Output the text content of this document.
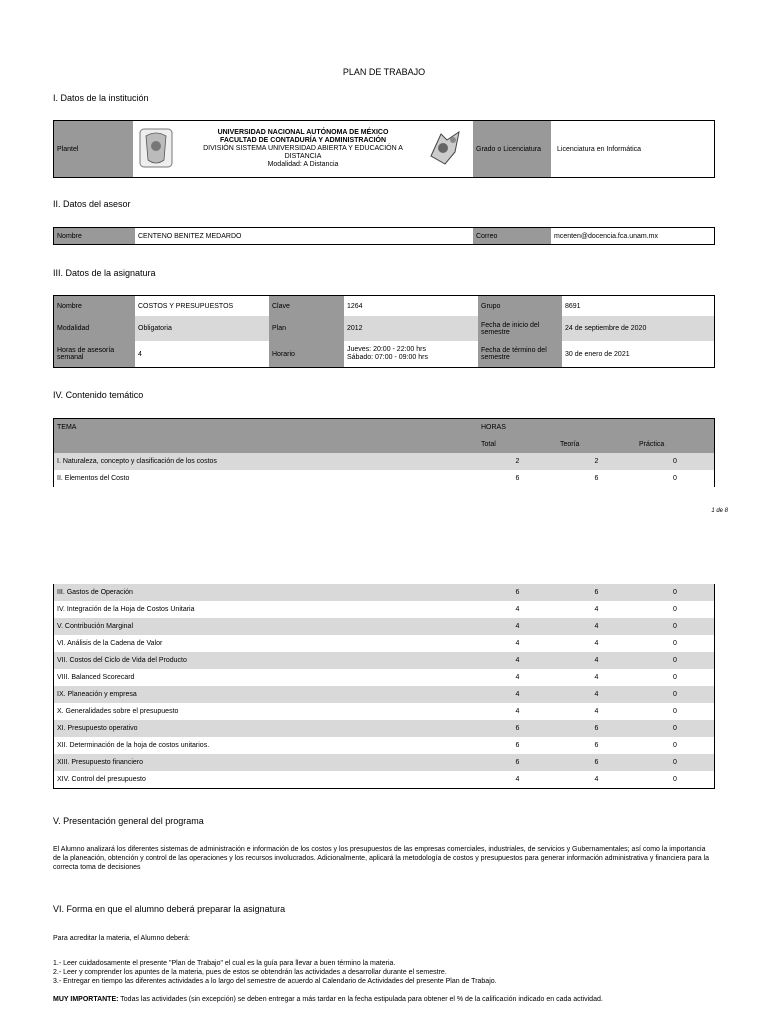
PLAN DE TRABAJO
I. Datos de la institución
Plantel		
UNIVERSIDAD NACIONAL AUTÓNOMA DE MÉXICO
FACULTAD DE CONTADURÍA Y ADMINISTRACIÓN
DIVISIÓN SISTEMA UNIVERSIDAD ABIERTA Y EDUCACIÓN A DISTANCIA
Modalidad: A Distancia
		Grado o Licenciatura	Licenciatura en Informática
II. Datos del asesor
Nombre	CENTENO BENITEZ MEDARDO	Correo	mcenten@docencia.fca.unam.mx
III. Datos de la asignatura
Nombre	COSTOS Y PRESUPUESTOS	Clave	1264	Grupo	8691
Modalidad	Obligatoria	Plan	2012	Fecha de inicio del semestre	24 de septiembre de 2020
Horas de asesoría semanal	4	Horario	Jueves: 20:00 - 22:00 hrs
Sábado: 07:00 - 09:00 hrs	Fecha de término del semestre	30 de enero de 2021
IV. Contenido temático
TEMA	HORAS		
	Total	Teoría	Práctica
I. Naturaleza, concepto y clasificación de los costos	2	2	0
II. Elementos del Costo	6	6	0
1 de 8
III. Gastos de Operación	6	6	0
IV. Integración de la Hoja de Costos Unitaria	4	4	0
V. Contribución Marginal	4	4	0
VI. Análisis de la Cadena de Valor	4	4	0
VII. Costos del Ciclo de Vida del Producto	4	4	0
VIII. Balanced Scorecard	4	4	0
IX. Planeación y empresa	4	4	0
X. Generalidades sobre el presupuesto	4	4	0
XI. Presupuesto operativo	6	6	0
XII. Determinación de la hoja de costos unitarios.	6	6	0
XIII. Presupuesto financiero	6	6	0
XIV. Control del presupuesto	4	4	0
V. Presentación general del programa
El Alumno analizará los diferentes sistemas de administración e información de los costos y los presupuestos de las empresas comerciales, industriales, de servicios y Gubernamentales; así como la importancia de la planeación, obtención y control de las operaciones y los recursos involucrados. Adicionalmente, aplicará la metodología de costos y presupuestos para generar información administrativa y financiera para la correcta toma de decisiones
VI. Forma en que el alumno deberá preparar la asignatura
Para acreditar la materia, el Alumno deberá:
1.- Leer cuidadosamente el presente "Plan de Trabajo" el cual es la guía para llevar a buen término la materia.
2.- Leer y comprender los apuntes de la materia, pues de estos se obtendrán las actividades a desarrollar durante el semestre.
3.- Entregar en tiempo las diferentes actividades a lo largo del semestre de acuerdo al Calendario de Actividades del presente Plan de Trabajo.
MUY IMPORTANTE: Todas las actividades (sin excepción) se deben entregar a más tardar en la fecha estipulada para obtener el % de la calificación indicado en cada actividad.
